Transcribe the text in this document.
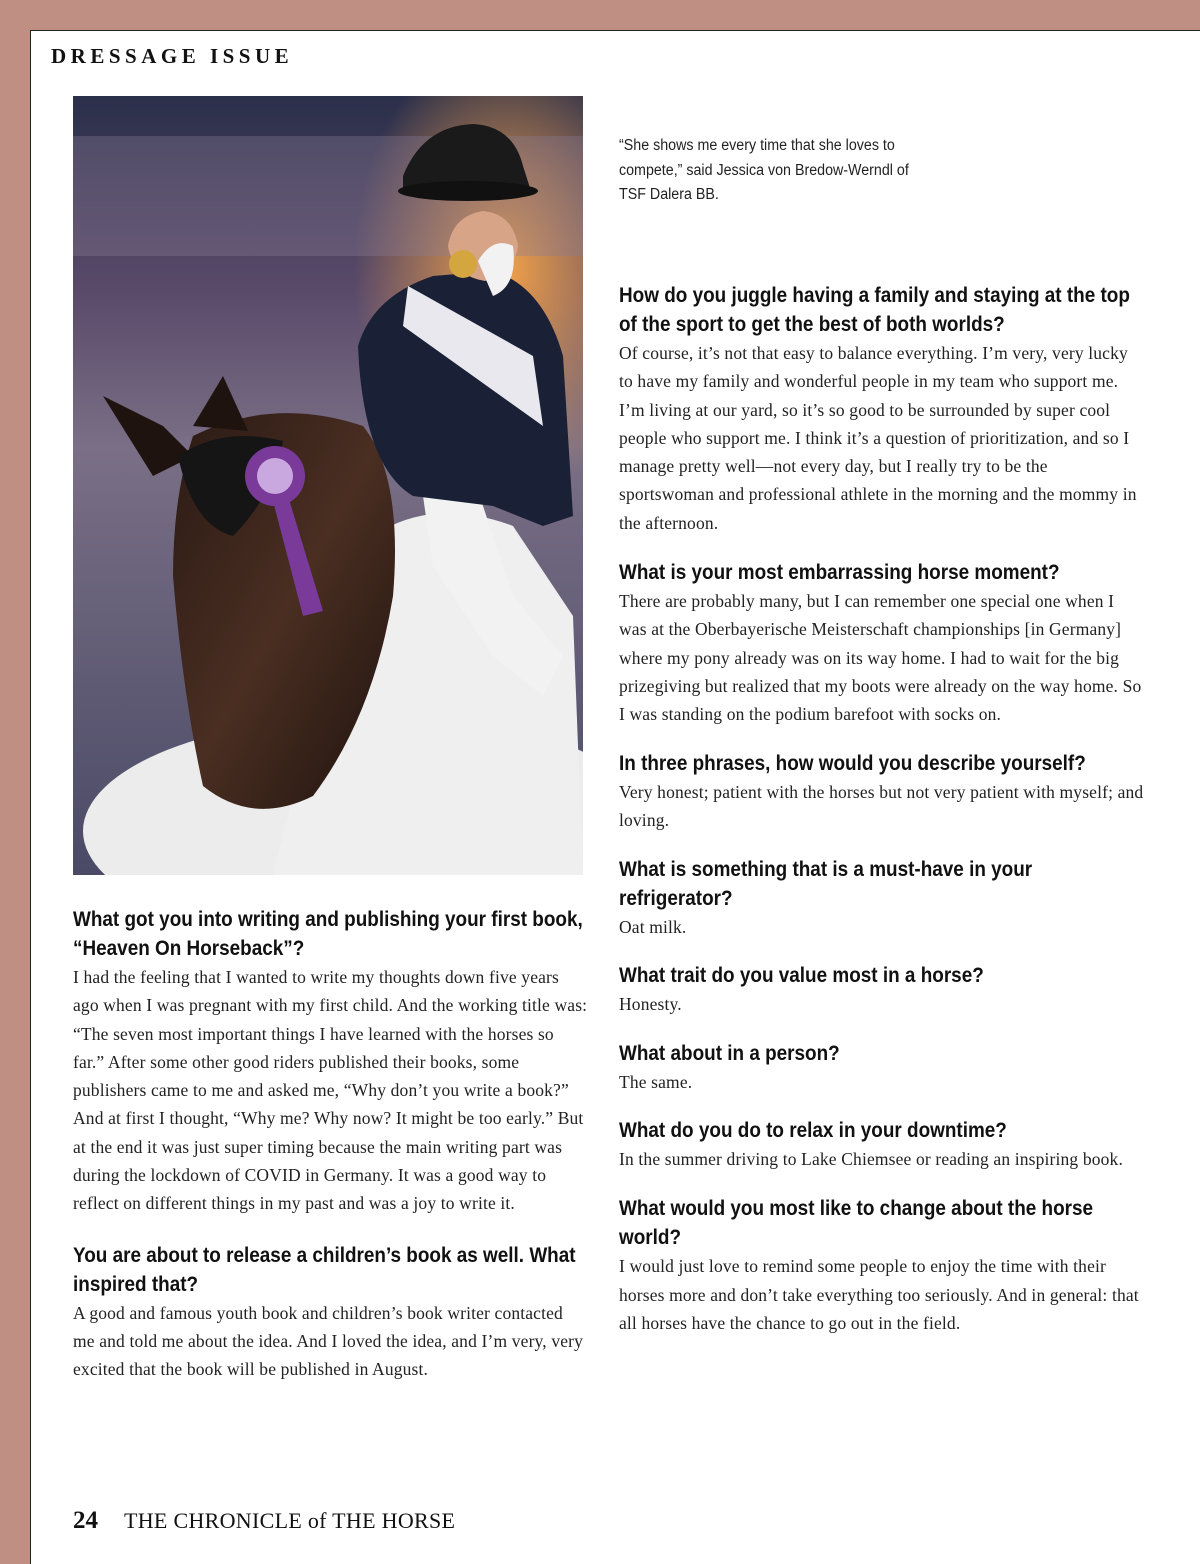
DRESSAGE ISSUE
“She shows me every time that she loves to compete,” said Jessica von Bredow-Werndl of TSF Dalera BB.
What got you into writing and publishing your first book, “Heaven On Horseback”?

I had the feeling that I wanted to write my thoughts down five years ago when I was pregnant with my first child. And the working title was: “The seven most important things I have learned with the horses so far.” After some other good riders published their books, some publishers came to me and asked me, “Why don’t you write a book?” And at first I thought, “Why me? Why now? It might be too early.” But at the end it was just super timing because the main writing part was during the lockdown of COVID in Germany. It was a good way to reflect on different things in my past and was a joy to write it.

You are about to release a children’s book as well. What inspired that?

A good and famous youth book and children’s book writer contacted me and told me about the idea. And I loved the idea, and I’m very, very excited that the book will be published in August.

How do you juggle having a family and staying at the top of the sport to get the best of both worlds?

Of course, it’s not that easy to balance everything. I’m very, very lucky to have my family and wonderful people in my team who support me. I’m living at our yard, so it’s so good to be surrounded by super cool people who support me. I think it’s a question of prioritization, and so I manage pretty well—not every day, but I really try to be the sportswoman and professional athlete in the morning and the mommy in the afternoon.

What is your most embarrassing horse moment?

There are probably many, but I can remember one special one when I was at the Oberbayerische Meisterschaft championships [in Germany] where my pony already was on its way home. I had to wait for the big prizegiving but realized that my boots were already on the way home. So I was standing on the podium barefoot with socks on.

In three phrases, how would you describe yourself?

Very honest; patient with the horses but not very patient with myself; and loving.

What is something that is a must-have in your refrigerator?

Oat milk.

What trait do you value most in a horse?

Honesty.

What about in a person?

The same.

What do you do to relax in your downtime?

In the summer driving to Lake Chiemsee or reading an inspiring book.

What would you most like to change about the horse world?

I would just love to remind some people to enjoy the time with their horses more and don’t take everything too seriously. And in general: that all horses have the chance to go out in the field.

24 THE CHRONICLE of THE HORSE
